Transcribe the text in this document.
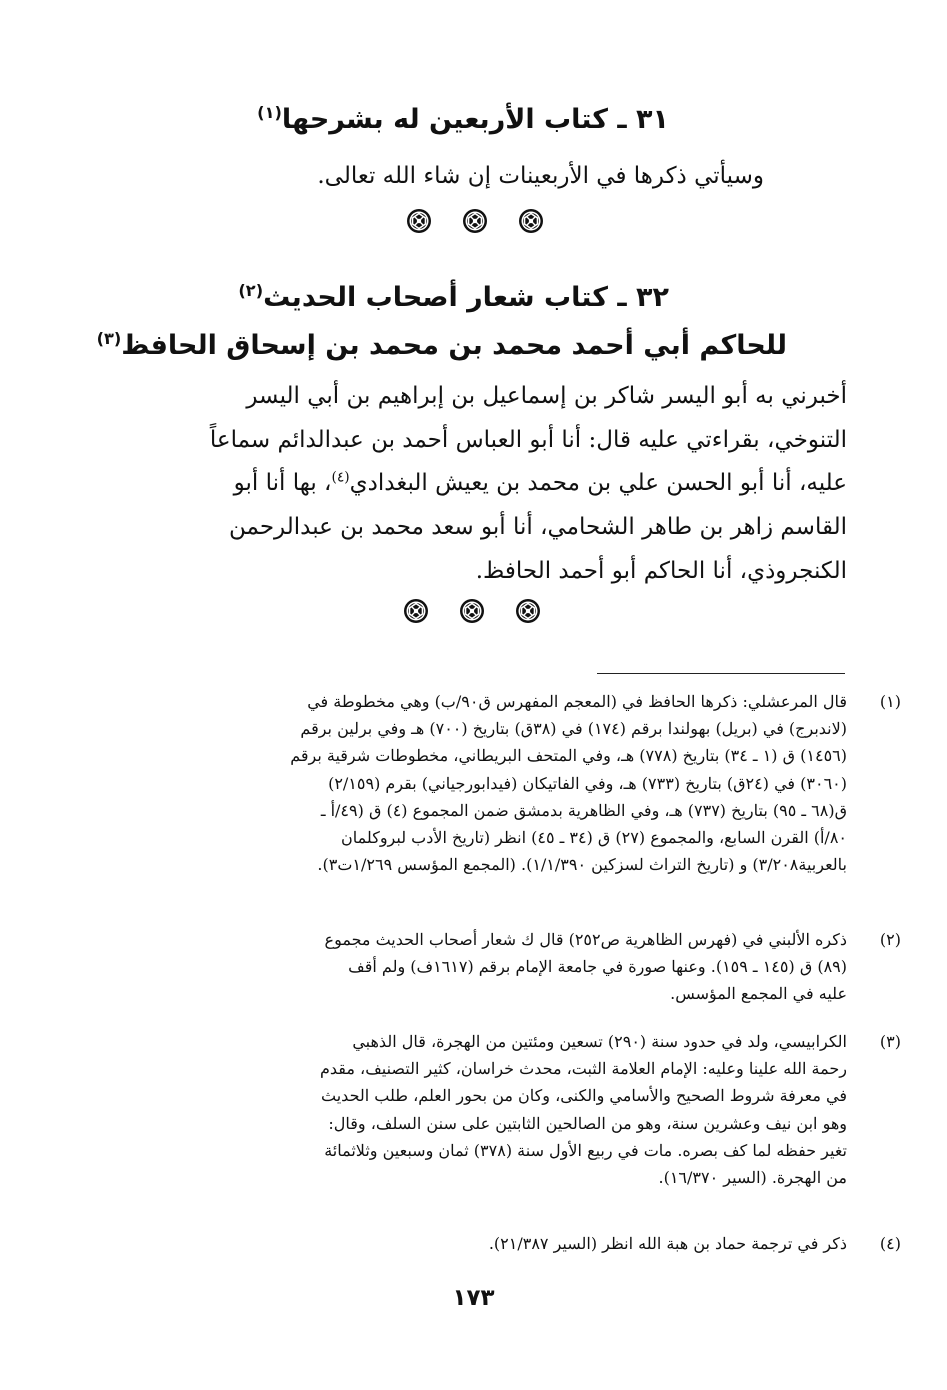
٣١ ـ كتاب الأربعين له بشرحها$^{(١)}$
وسيأتي ذكرها في الأربعينات إن شاء الله تعالى.
٣٢ ـ كتاب شعار أصحاب الحديث$^{(٢)}$
للحاكم أبي أحمد محمد بن محمد بن إسحاق الحافظ$^{(٣)}$
أخبرني به أبو اليسر شاكر بن إسماعيل بن إبراهيم بن أبي اليسر
التنوخي، بقراءتي عليه قال: أنا أبو العباس أحمد بن عبدالدائم سماعاً
عليه، أنا أبو الحسن علي بن محمد بن يعيش البغدادي$^{(٤)}$، بها أنا أبو
القاسم زاهر بن طاهر الشحامي، أنا أبو سعد محمد بن عبدالرحمن
الكنجروذي، أنا الحاكم أبو أحمد الحافظ.
(١)
قال المرعشلي: ذكرها الحافظ في (المعجم المفهرس ق٩٠/ب) وهي مخطوطة في
(لاندبرج) في (بريل) بهولندا برقم (١٧٤) في (٣٨ق) بتاريخ (٧٠٠) هـ وفي برلين برقم
(١٤٥٦) ق (١ ـ ٣٤) بتاريخ (٧٧٨) هـ، وفي المتحف البريطاني، مخطوطات شرقية برقم
(٣٠٦٠) في (٢٤ق) بتاريخ (٧٣٣) هـ، وفي الفاتيكان (فيدابورجياني) بقرم (٢/١٥٩)
ق(٦٨ ـ ٩٥) بتاريخ (٧٣٧) هـ، وفي الظاهرية بدمشق ضمن المجموع (٤) ق (٤٩/أ ـ
٨٠/أ) القرن السابع، والمجموع (٢٧) ق (٣٤ ـ ٤٥) انظر (تاريخ الأدب لبروكلمان
بالعربية٣/٢٠٨) و (تاريخ التراث لسزكين ١/١/٣٩٠). (المجمع المؤسس ١/٢٦٩ت٣).
(٢)
ذكره الألبني في (فهرس الظاهرية ص٢٥٢) قال ك شعار أصحاب الحديث مجموع
(٨٩) ق (١٤٥ ـ ١٥٩). وعنها صورة في جامعة الإمام برقم (١٦١٧ف) ولم أقف
عليه في المجمع المؤسس.
(٣)
الكرابيسي، ولد في حدود سنة (٢٩٠) تسعين ومئتين من الهجرة، قال الذهبي
رحمة الله علينا وعليه: الإمام العلامة الثبت، محدث خراسان، كثير التصنيف، مقدم
في معرفة شروط الصحيح والأسامي والكنى، وكان من بحور العلم، طلب الحديث
وهو ابن نيف وعشرين سنة، وهو من الصالحين الثابتين على سنن السلف، وقال:
تغير حفظه لما كف بصره. مات في ربيع الأول سنة (٣٧٨) ثمان وسبعين وثلاثمائة
من الهجرة. (السير ١٦/٣٧٠).
(٤)
ذكر في ترجمة حماد بن هبة الله انظر (السير ٢١/٣٨٧).
١٧٣
